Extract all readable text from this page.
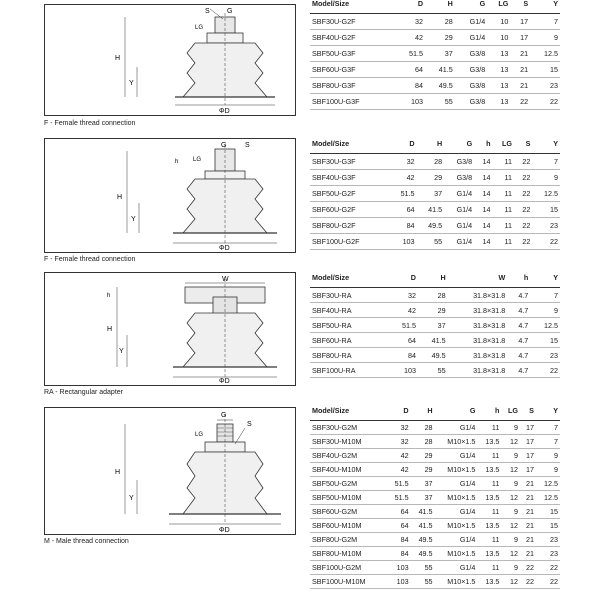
S G
LG
H
Y
ΦD
F - Female thread connection
Model/Size	D	H	G	LG	S	Y
SBF30U-G2F	32	28	G1/4	10	17	7
SBF40U-G2F	42	29	G1/4	10	17	9
SBF50U-G3F	51.5	37	G3/8	13	21	12.5
SBF60U-G3F	64	41.5	G3/8	13	21	15
SBF80U-G3F	84	49.5	G3/8	13	21	23
SBF100U-G3F	103	55	G3/8	13	22	22
S
G
h LG
H
Y
ΦD
F - Female thread connection
Model/Size	D	H	G	h	LG	S	Y
SBF30U-G3F	32	28	G3/8	14	11	22	7
SBF40U-G3F	42	29	G3/8	14	11	22	9
SBF50U-G2F	51.5	37	G1/4	14	11	22	12.5
SBF60U-G2F	64	41.5	G1/4	14	11	22	15
SBF80U-G2F	84	49.5	G1/4	14	11	22	23
SBF100U-G2F	103	55	G1/4	14	11	22	22
W
h
H
Y
ΦD
RA - Rectangular adapter
Model/Size	D	H	W	h	Y
SBF30U-RA	32	28	31.8×31.8	4.7	7
SBF40U-RA	42	29	31.8×31.8	4.7	9
SBF50U-RA	51.5	37	31.8×31.8	4.7	12.5
SBF60U-RA	64	41.5	31.8×31.8	4.7	15
SBF80U-RA	84	49.5	31.8×31.8	4.7	23
SBF100U-RA	103	55	31.8×31.8	4.7	22
G
S
LG
H
Y
ΦD
M - Male thread connection
Model/Size	D	H	G	h	LG	S	Y
SBF30U-G2M	32	28	G1/4	11	9	17	7
SBF30U-M10M	32	28	M10×1.5	13.5	12	17	7
SBF40U-G2M	42	29	G1/4	11	9	17	9
SBF40U-M10M	42	29	M10×1.5	13.5	12	17	9
SBF50U-G2M	51.5	37	G1/4	11	9	21	12.5
SBF50U-M10M	51.5	37	M10×1.5	13.5	12	21	12.5
SBF60U-G2M	64	41.5	G1/4	11	9	21	15
SBF60U-M10M	64	41.5	M10×1.5	13.5	12	21	15
SBF80U-G2M	84	49.5	G1/4	11	9	21	23
SBF80U-M10M	84	49.5	M10×1.5	13.5	12	21	23
SBF100U-G2M	103	55	G1/4	11	9	22	22
SBF100U-M10M	103	55	M10×1.5	13.5	12	22	22
